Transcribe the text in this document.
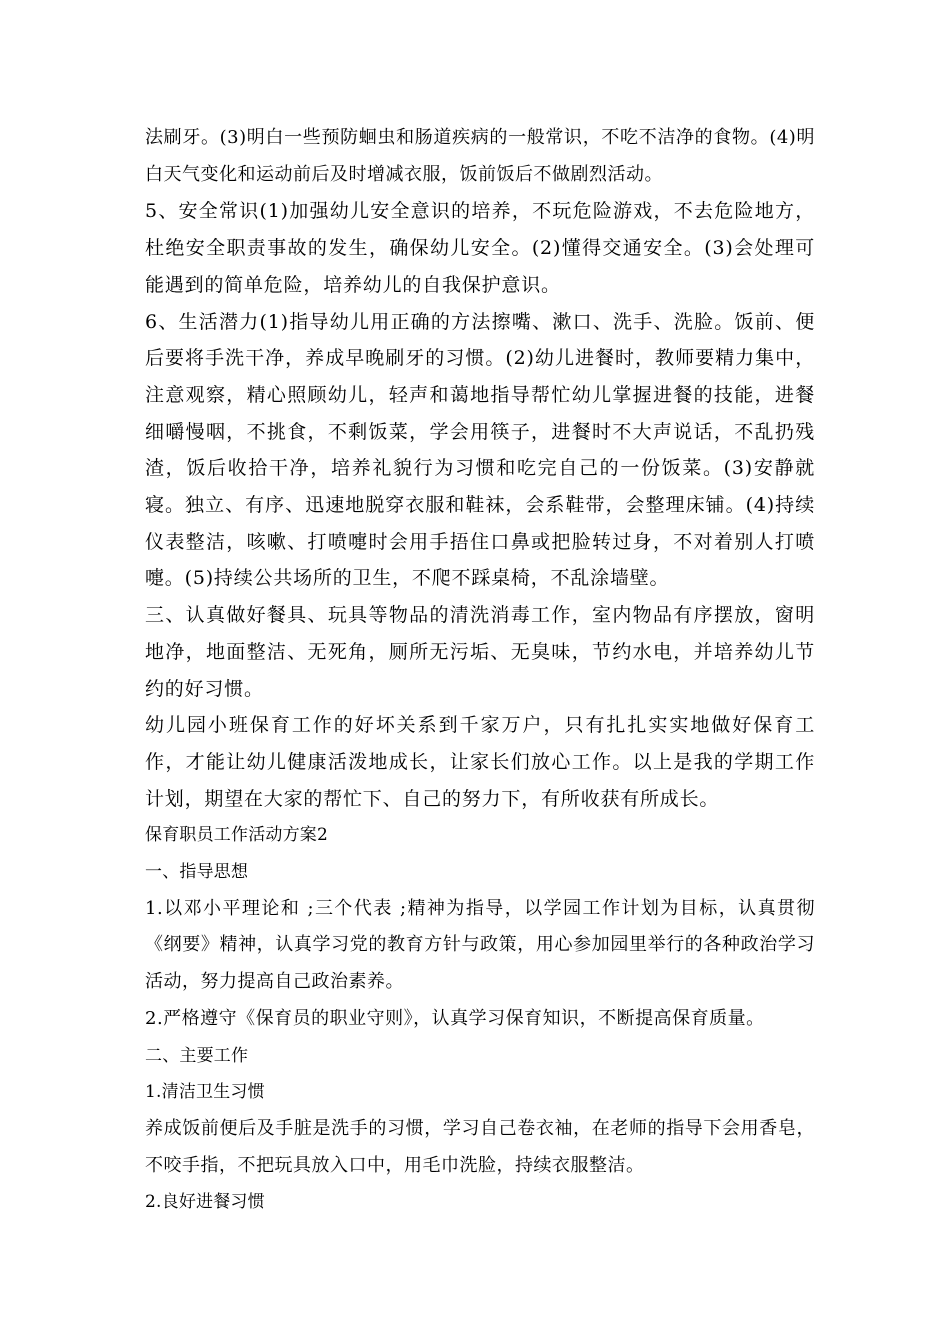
法刷牙。(3)明白一些预防蛔虫和肠道疾病的一般常识，不吃不洁净的食物。(4)明白天气变化和运动前后及时增减衣服，饭前饭后不做剧烈活动。

5、安全常识(1)加强幼儿安全意识的培养，不玩危险游戏，不去危险地方，杜绝安全职责事故的发生，确保幼儿安全。(2)懂得交通安全。(3)会处理可能遇到的简单危险，培养幼儿的自我保护意识。

6、生活潜力(1)指导幼儿用正确的方法擦嘴、漱口、洗手、洗脸。饭前、便后要将手洗干净，养成早晚刷牙的习惯。(2)幼儿进餐时，教师要精力集中，注意观察，精心照顾幼儿，轻声和蔼地指导帮忙幼儿掌握进餐的技能，进餐细嚼慢咽，不挑食，不剩饭菜，学会用筷子，进餐时不大声说话，不乱扔残渣，饭后收拾干净，培养礼貌行为习惯和吃完自己的一份饭菜。(3)安静就寝。独立、有序、迅速地脱穿衣服和鞋袜，会系鞋带，会整理床铺。(4)持续仪表整洁，咳嗽、打喷嚏时会用手捂住口鼻或把脸转过身，不对着别人打喷嚏。(5)持续公共场所的卫生，不爬不踩桌椅，不乱涂墙壁。

三、认真做好餐具、玩具等物品的清洗消毒工作，室内物品有序摆放，窗明地净，地面整洁、无死角，厕所无污垢、无臭味，节约水电，并培养幼儿节约的好习惯。

幼儿园小班保育工作的好坏关系到千家万户，只有扎扎实实地做好保育工作，才能让幼儿健康活泼地成长，让家长们放心工作。以上是我的学期工作计划，期望在大家的帮忙下、自己的努力下，有所收获有所成长。

保育职员工作活动方案2

一、指导思想

1.以邓小平理论和 ;三个代表 ;精神为指导，以学园工作计划为目标，认真贯彻《纲要》精神，认真学习党的教育方针与政策，用心参加园里举行的各种政治学习活动，努力提高自己政治素养。

2.严格遵守《保育员的职业守则》，认真学习保育知识，不断提高保育质量。

二、主要工作

1.清洁卫生习惯

养成饭前便后及手脏是洗手的习惯，学习自己卷衣袖，在老师的指导下会用香皂，不咬手指，不把玩具放入口中，用毛巾洗脸，持续衣服整洁。

2.良好进餐习惯
